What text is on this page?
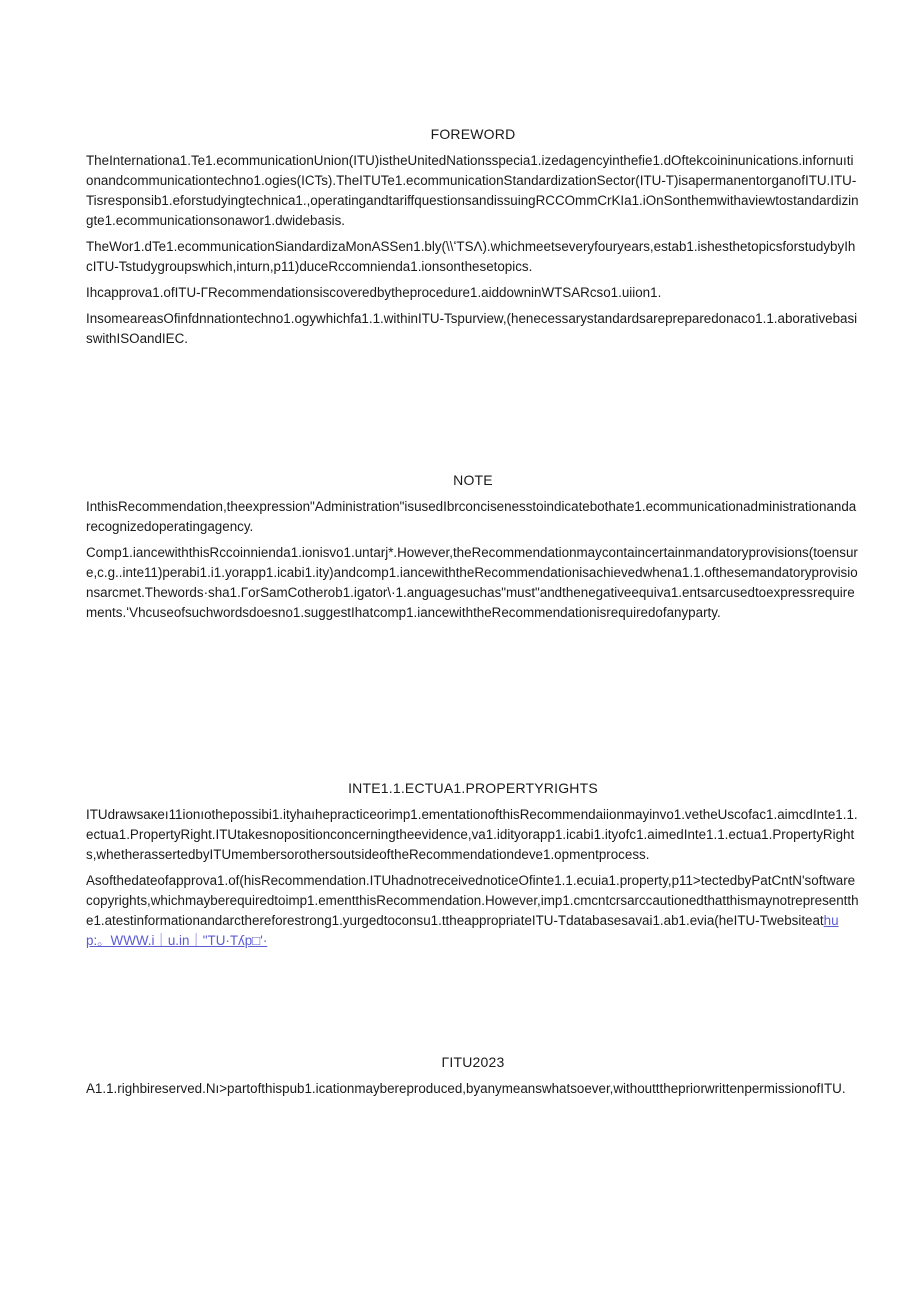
FOREWORD

TheInternationa1.Te1.ecommunicationUnion(ITU)istheUnitedNationsspecia1.izedagencyinthefie1.dOftekcoininunications.infornuıtionandcommunicationtechno1.ogies(ICTs).TheITUTe1.ecommunicationStandardizationSector(ITU-T)isapermanentorganofITU.ITU-Tisresponsib1.eforstudyingtechnica1.,operatingandtariffquestionsandissuingRCCOmmCrKIa1.iOnSonthemwithaviewtostandardizingte1.ecommunicationsonawor1.dwidebasis.

TheWor1.dTe1.ecommunicationSiandardizaMonASSen1.bly(\\ʻTSΛ).whichmeetseveryfouryears,estab1.ishesthetopicsforstudybyIhcITU-Tstudygroupswhich,inturn,p11)duceRccomnienda1.ionsonthesetopics.

Ihcapprova1.ofITU-ΓRecommendationsiscoveredbytheprocedure1.aiddowninWTSARcso1.uiion1.

InsomeareasOfinfdnnationtechno1.ogywhichfa1.1.withinITU-Tspurview,(henecessarystandardsarepreparedonaco1.1.aborativebasiswithISOandIEC.

NOTE

InthisRecommendation,theexpression"Administration"isusedIbrconcisenesstoindicatebothate1.ecommunicationadministrationandarecognizedoperatingagency.

Comp1.iancewiththisRccoinnienda1.ionisvo1.untarj*.However,theRecommendationmaycontaincertainmandatoryprovisions(toensure,c.g..inte11)perabi1.i1.yorapp1.icabi1.ity)andcomp1.iancewiththeRecommendationisachievedwhena1.1.ofthesemandatoryprovisionsarcmet.Thewords·sha1.ΓorSamCotherob1.igator\·1.anguagesuchas"must"andthenegativeequiva1.entsarcusedtoexpressrequirements.ʻVhcuseofsuchwordsdoesno1.suggestIhatcomp1.iancewiththeRecommendationisrequiredofanyparty.

INTE1.1.ECTUA1.PROPERTYRIGHTS

ITUdrawsaκeı11ionıothepossibi1.ityhaıhepracticeorimp1.ementationofthisRecommendaiionmayinvo1.vetheUscofac1.aimcdInte1.1.ectua1.PropertyRight.ITUtakesnopositionconcerningtheevidence,va1.idityorapp1.icabi1.ityofc1.aimedInte1.1.ectua1.PropertyRights,whetherassertedbyITUmembersorothersoutsideoftheRecommendationdeve1.opmentprocess.

Asofthedateofapprova1.of(hisRecommendation.ITUhadnotreceivednoticeOfinte1.1.ecuia1.property,p11>tectedbyPatCntN'softwarecopyrights,whichmayberequiredtoimp1.ementthisRecommendation.However,imp1.cmcntcrsarccautionedthatthismaynotrepresentthe1.atestinformationandarcthereforestrong1.yurgedtoconsu1.ttheappropriateITU-Tdatabasesavai1.ab1.evia(heITU-Twebsiteathup:。WWW.i｜u.in｜"TU·Tʎp□'·

ΓITU2023

A1.1.righbireserved.Nı>partofthispub1.icationmaybereproduced,byanymeanswhatsoever,withouttthepriorwrittenpermissionofITU.
